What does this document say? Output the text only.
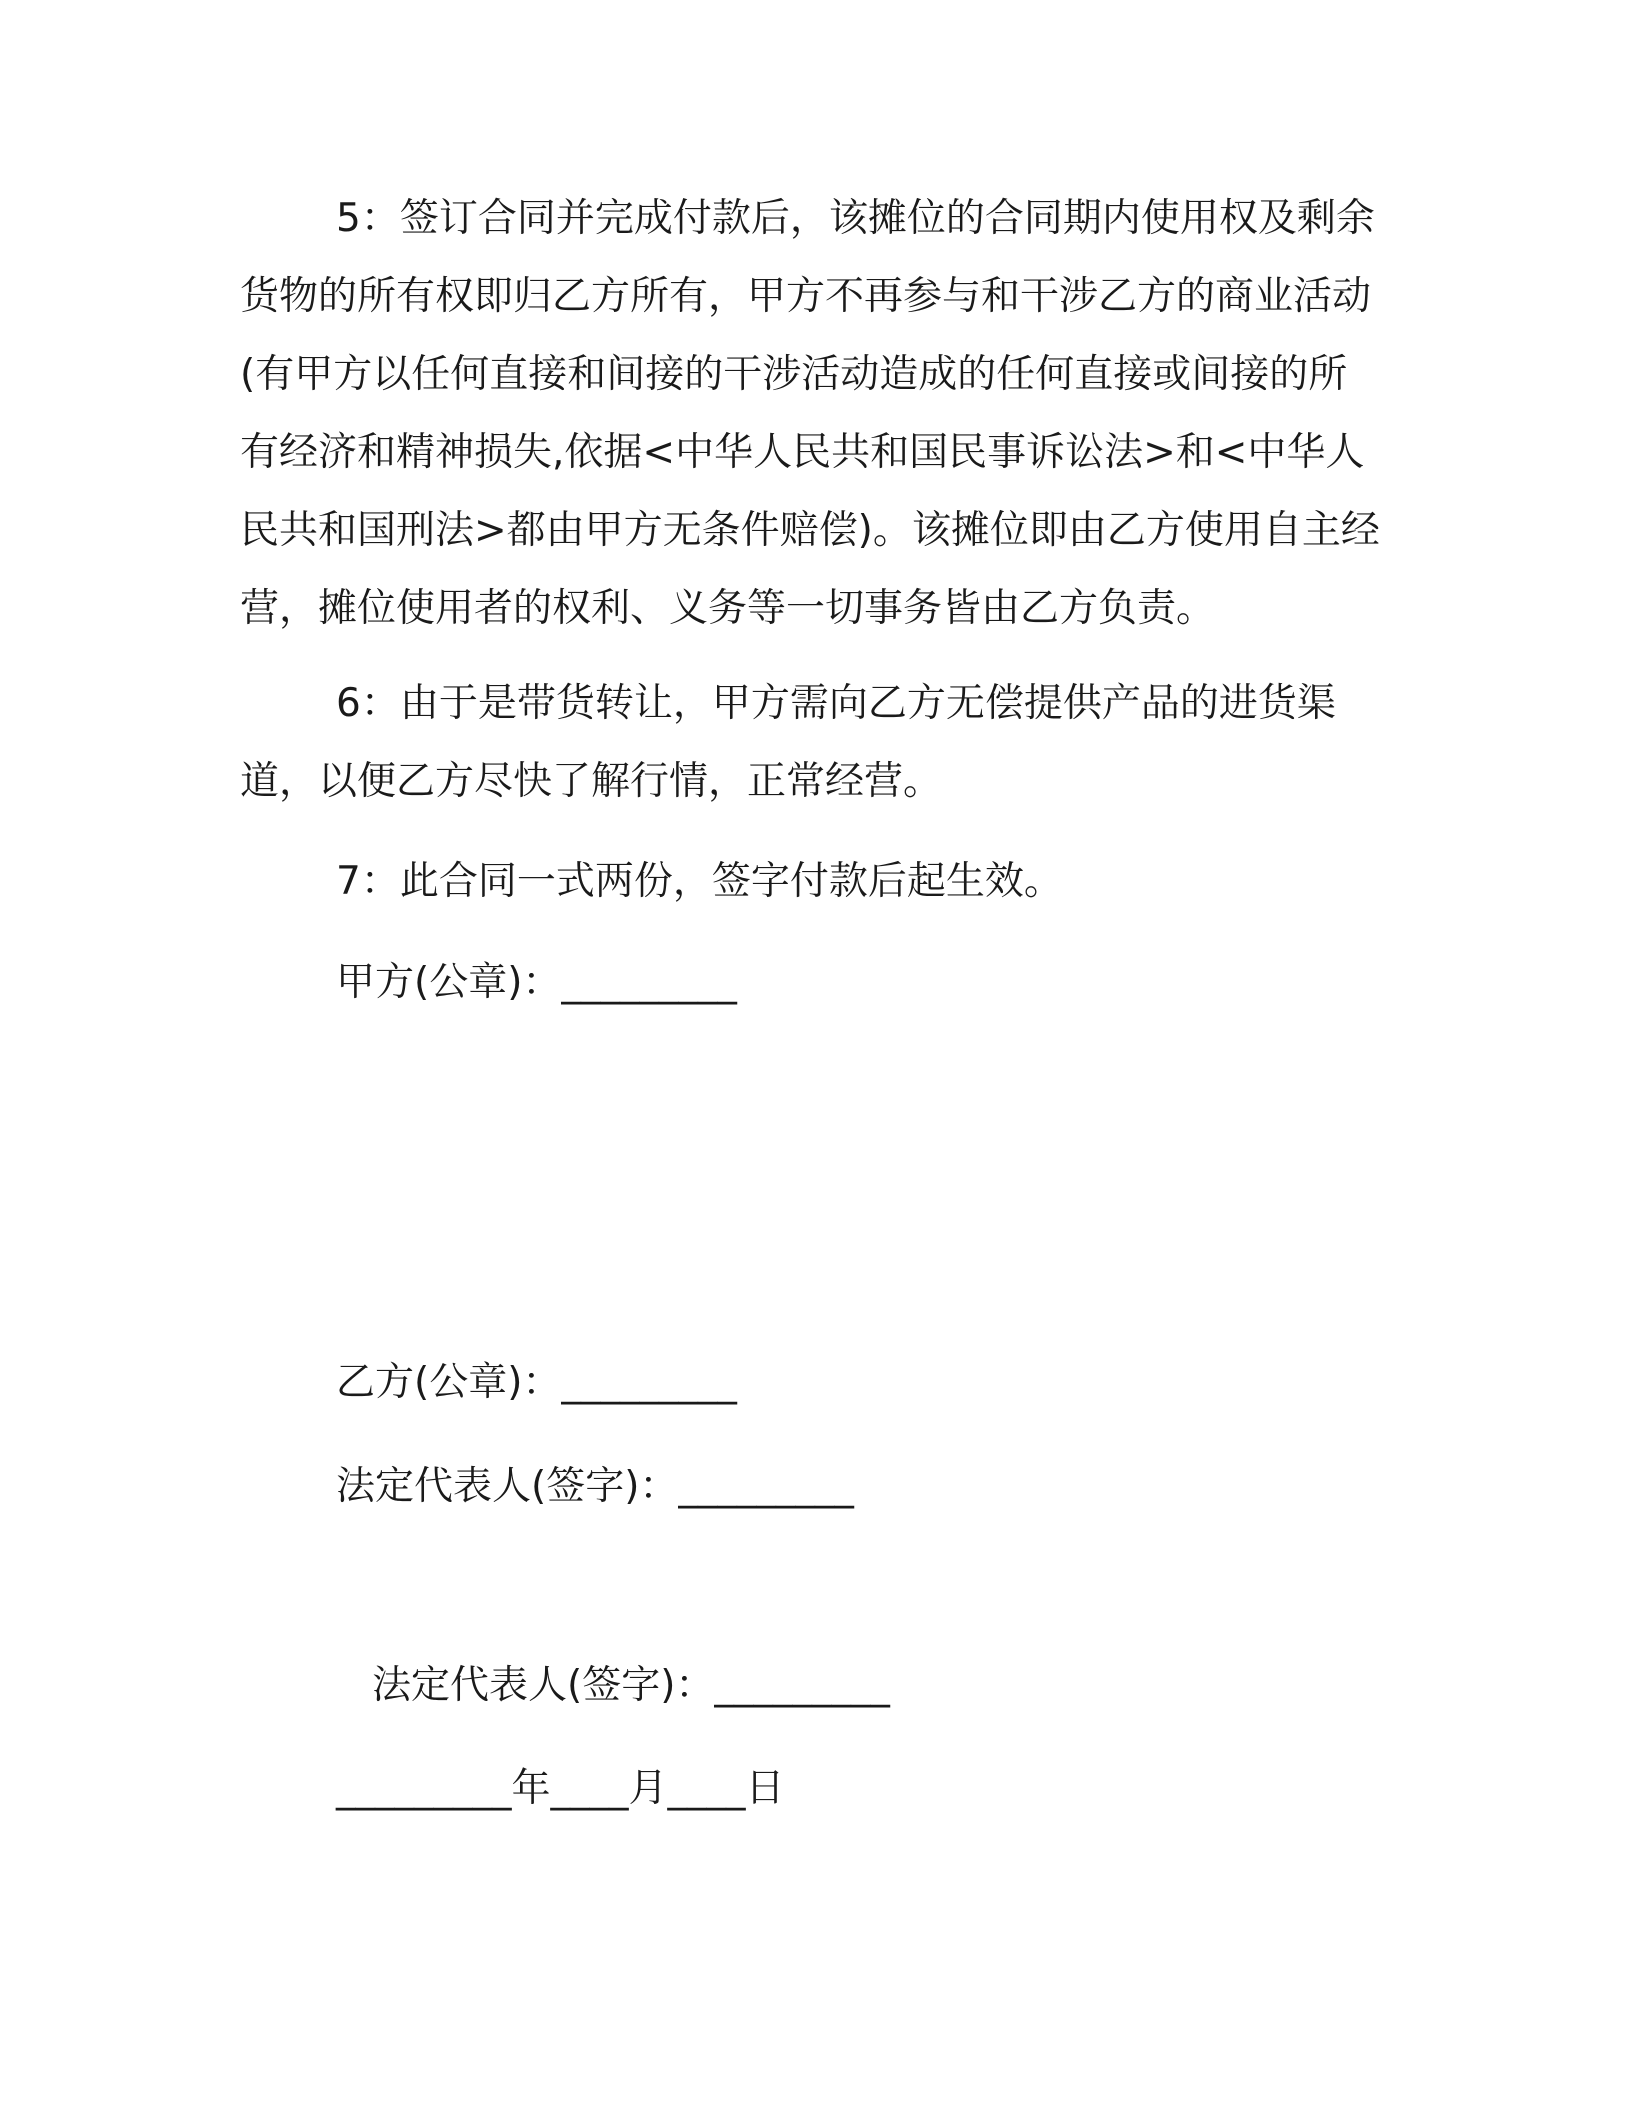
5：签订合同并完成付款后，该摊位的合同期内使用权及剩余货物的所有权即归乙方所有，甲方不再参与和干涉乙方的商业活动(有甲方以任何直接和间接的干涉活动造成的任何直接或间接的所有经济和精神损失,依据<中华人民共和国民事诉讼法>和<中华人民共和国刑法>都由甲方无条件赔偿)。该摊位即由乙方使用自主经营，摊位使用者的权利、义务等一切事务皆由乙方负责。

6：由于是带货转让，甲方需向乙方无偿提供产品的进货渠道，以便乙方尽快了解行情，正常经营。

7：此合同一式两份，签字付款后起生效。

甲方(公章)：_________

乙方(公章)：_________

法定代表人(签字)：_________

法定代表人(签字)：_________

_________年____月____日
